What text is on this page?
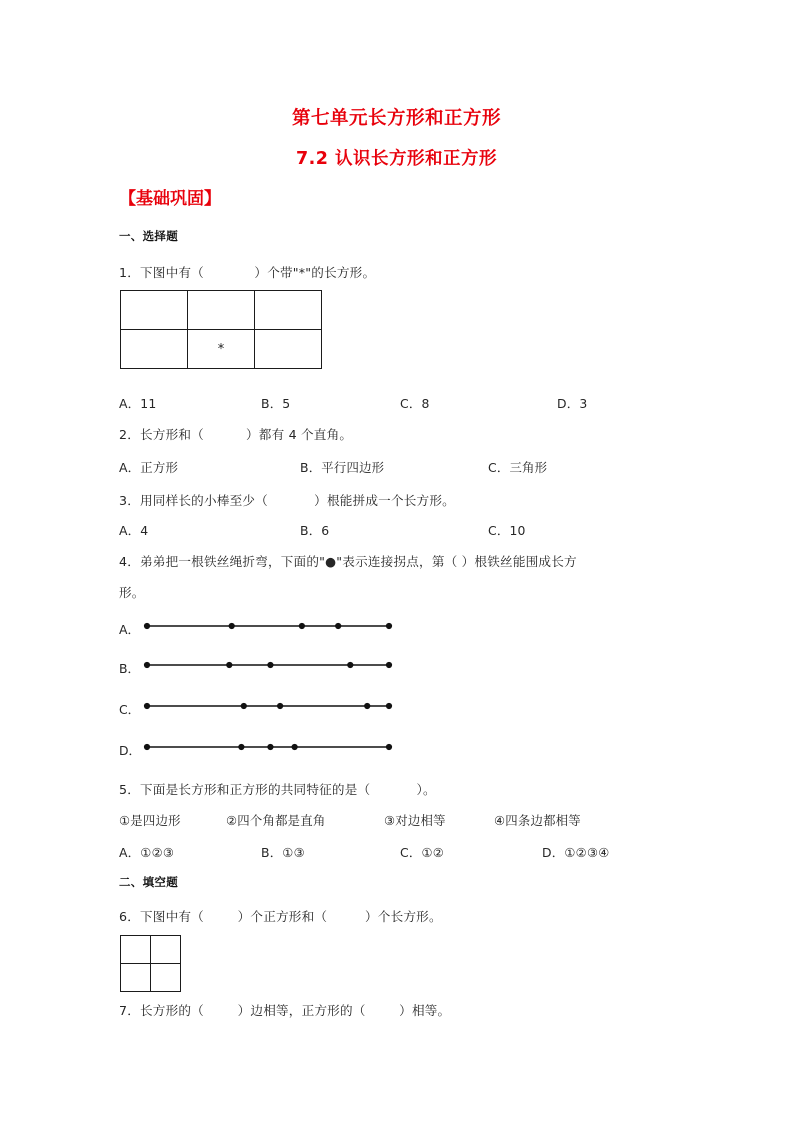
第七单元长方形和正方形
7.2 认识长方形和正方形
【基础巩固】
一、选择题
1．下图中有（            ）个带"*"的长方形。

	*	
A．11	B．5	C．8	D．3
2．长方形和（          ）都有 4 个直角。
A．正方形	B．平行四边形	C．三角形
3．用同样长的小棒至少（           ）根能拼成一个长方形。
A．4	B．6	C．10
4．弟弟把一根铁丝绳折弯，下面的"●"表示连接拐点，第（ ）根铁丝能围成长方
形。
A．
B．
C．
D．
5．下面是长方形和正方形的共同特征的是（           ）。
①是四边形	②四个角都是直角	③对边相等	④四条边都相等
A．①②③	B．①③	C．①②	D．①②③④
二、填空题
6．下图中有（        ）个正方形和（         ）个长方形。

7．长方形的（        ）边相等，正方形的（        ）相等。
